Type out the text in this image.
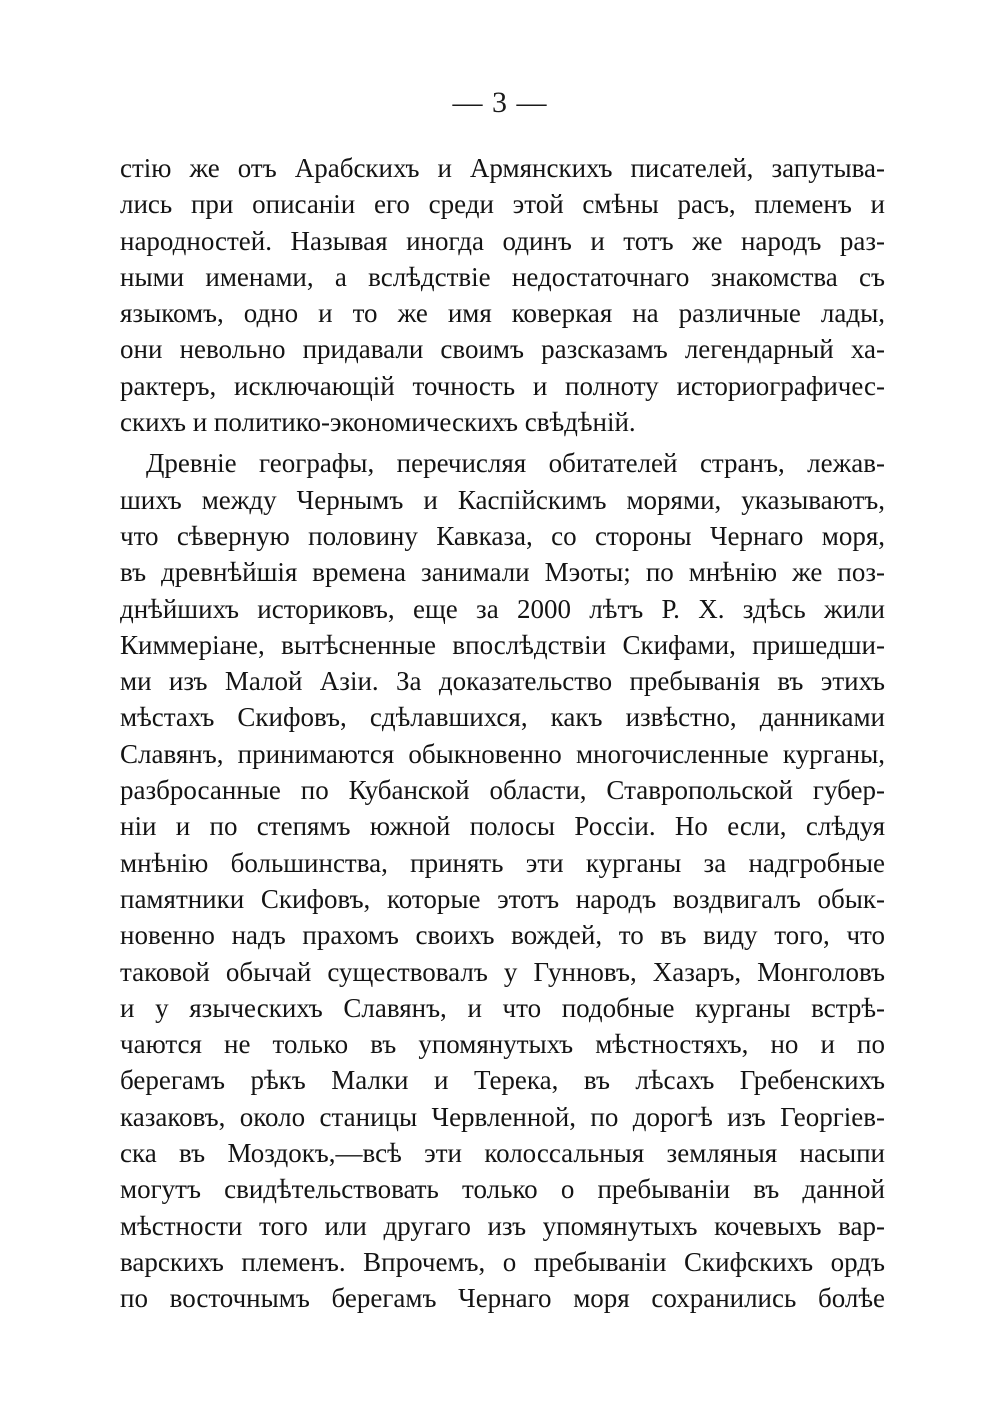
— 3 —
стію же отъ Арабскихъ и Армянскихъ писателей, запутыва-
лись при описаніи его среди этой смѣны расъ, племенъ и
народностей. Называя иногда одинъ и тотъ же народъ раз-
ными именами, а вслѣдствіе недостаточнаго знакомства съ
языкомъ, одно и то же имя коверкая на различные лады,
они невольно придавали своимъ разсказамъ легендарный ха-
рактеръ, исключающій точность и полноту историографичес-
скихъ и политико-экономическихъ свѣдѣній.
Древніе географы, перечисляя обитателей странъ, лежав-
шихъ между Чернымъ и Каспійскимъ морями, указываютъ,
что сѣверную половину Кавказа, со стороны Чернаго моря,
въ древнѣйшія времена занимали Мэоты; по мнѣнію же поз-
днѣйшихъ историковъ, еще за 2000 лѣтъ Р. Х. здѣсь жили
Киммеріане, вытѣсненные впослѣдствіи Скифами, пришедши-
ми изъ Малой Азіи. За доказательство пребыванія въ этихъ
мѣстахъ Скифовъ, сдѣлавшихся, какъ извѣстно, данниками
Славянъ, принимаются обыкновенно многочисленные курганы,
разбросанные по Кубанской области, Ставропольской губер-
ніи и по степямъ южной полосы Россіи. Но если, слѣдуя
мнѣнію большинства, принять эти курганы за надгробные
памятники Скифовъ, которые этотъ народъ воздвигалъ обык-
новенно надъ прахомъ своихъ вождей, то въ виду того, что
таковой обычай существовалъ у Гунновъ, Хазаръ, Монголовъ
и у языческихъ Славянъ, и что подобные курганы встрѣ-
чаются не только въ упомянутыхъ мѣстностяхъ, но и по
берегамъ рѣкъ Малки и Терека, въ лѣсахъ Гребенскихъ
казаковъ, около станицы Червленной, по дорогѣ изъ Георгіев-
ска въ Моздокъ,—всѣ эти колоссальныя земляныя насыпи
могутъ свидѣтельствовать только о пребываніи въ данной
мѣстности того или другаго изъ упомянутыхъ кочевыхъ вар-
варскихъ племенъ. Впрочемъ, о пребываніи Скифскихъ ордъ
по восточнымъ берегамъ Чернаго моря сохранились болѣе
